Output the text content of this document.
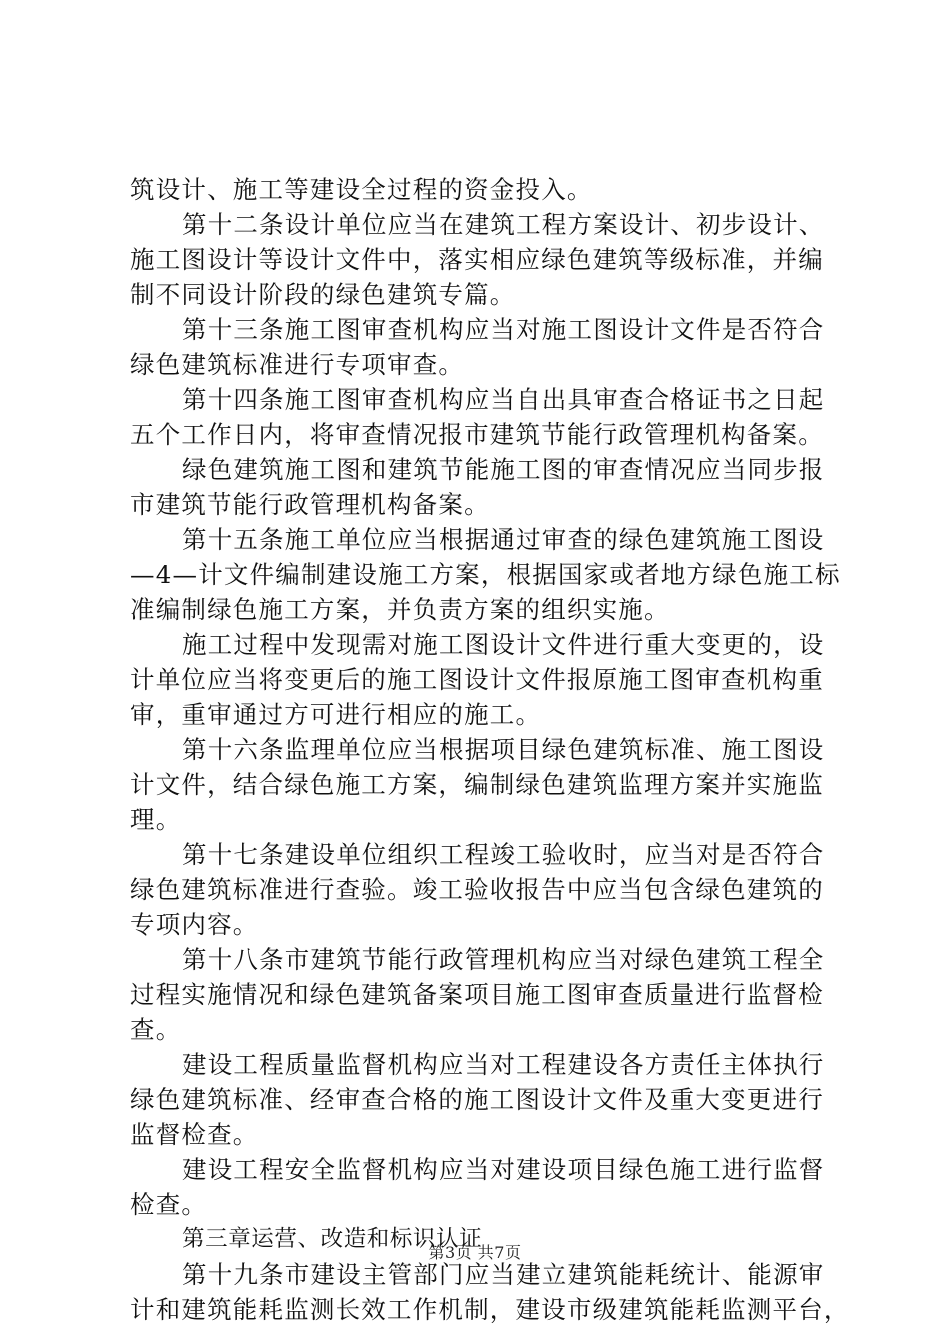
筑设计、施工等建设全过程的资金投入。
第十二条设计单位应当在建筑工程方案设计、初步设计、
施工图设计等设计文件中，落实相应绿色建筑等级标准，并编
制不同设计阶段的绿色建筑专篇。
第十三条施工图审查机构应当对施工图设计文件是否符合
绿色建筑标准进行专项审查。
第十四条施工图审查机构应当自出具审查合格证书之日起
五个工作日内，将审查情况报市建筑节能行政管理机构备案。
绿色建筑施工图和建筑节能施工图的审查情况应当同步报
市建筑节能行政管理机构备案。
第十五条施工单位应当根据通过审查的绿色建筑施工图设
—4—计文件编制建设施工方案，根据国家或者地方绿色施工标
准编制绿色施工方案，并负责方案的组织实施。
施工过程中发现需对施工图设计文件进行重大变更的，设
计单位应当将变更后的施工图设计文件报原施工图审查机构重
审，重审通过方可进行相应的施工。
第十六条监理单位应当根据项目绿色建筑标准、施工图设
计文件，结合绿色施工方案，编制绿色建筑监理方案并实施监
理。
第十七条建设单位组织工程竣工验收时，应当对是否符合
绿色建筑标准进行查验。竣工验收报告中应当包含绿色建筑的
专项内容。
第十八条市建筑节能行政管理机构应当对绿色建筑工程全
过程实施情况和绿色建筑备案项目施工图审查质量进行监督检
查。
建设工程质量监督机构应当对工程建设各方责任主体执行
绿色建筑标准、经审查合格的施工图设计文件及重大变更进行
监督检查。
建设工程安全监督机构应当对建设项目绿色施工进行监督
检查。
第三章运营、改造和标识认证
第十九条市建设主管部门应当建立建筑能耗统计、能源审
计和建筑能耗监测长效工作机制，建设市级建筑能耗监测平台，
第3页 共7页
